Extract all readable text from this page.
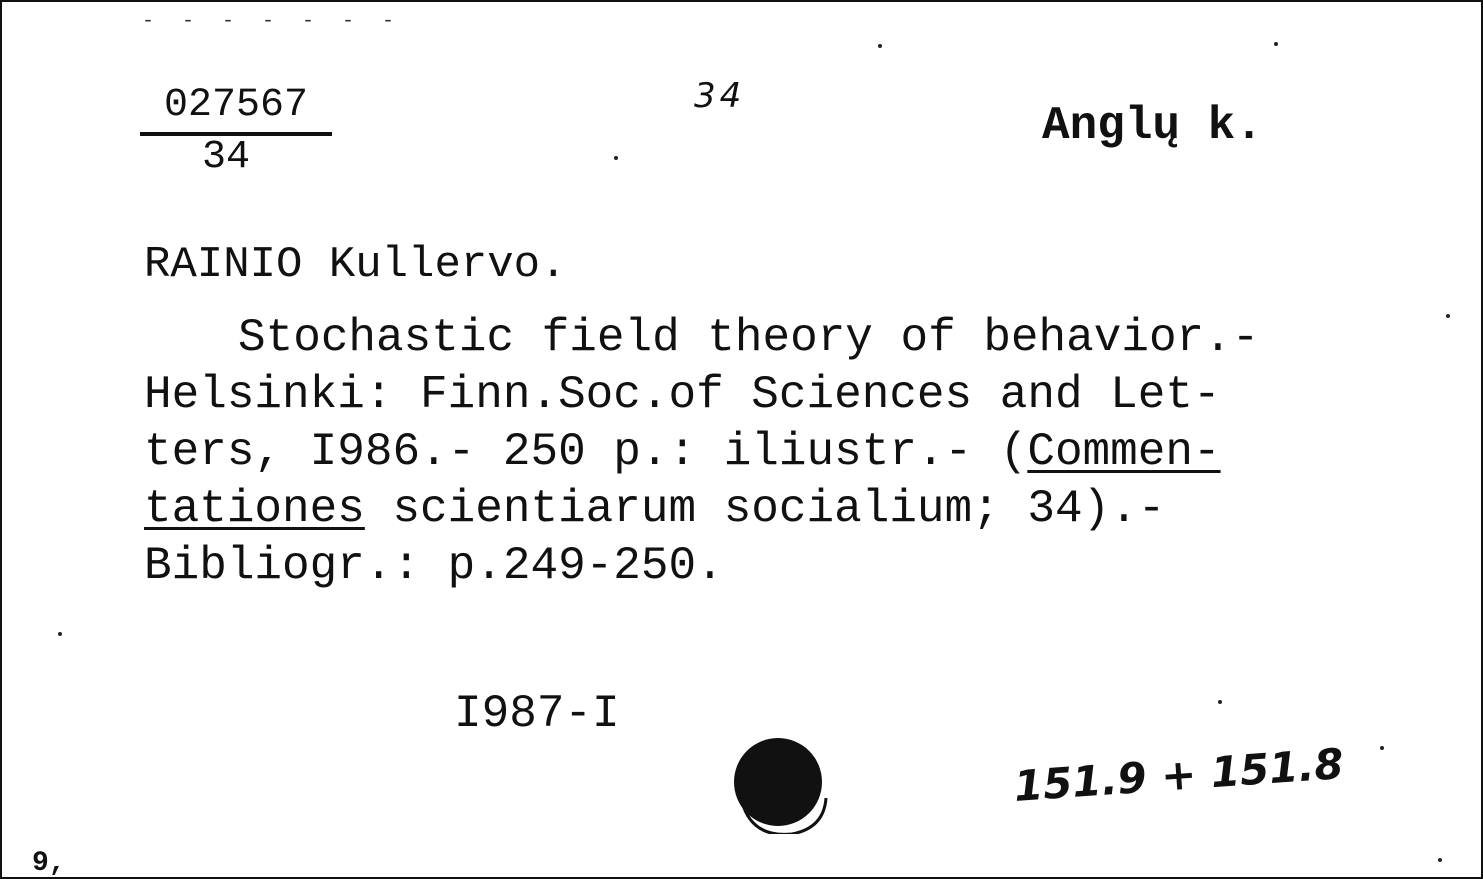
- - - - - - -
027567
34
34
Anglų k.
RAINIO Kullervo.
Stochastic field theory of behavior.-
Helsinki: Finn.Soc.of Sciences and Let-
ters, I986.- 250 p.: iliustr.- (Commen-
tationes scientiarum socialium; 34).-
Bibliogr.: p.249-250.
I987-I
151.9 + 151.8
9,
